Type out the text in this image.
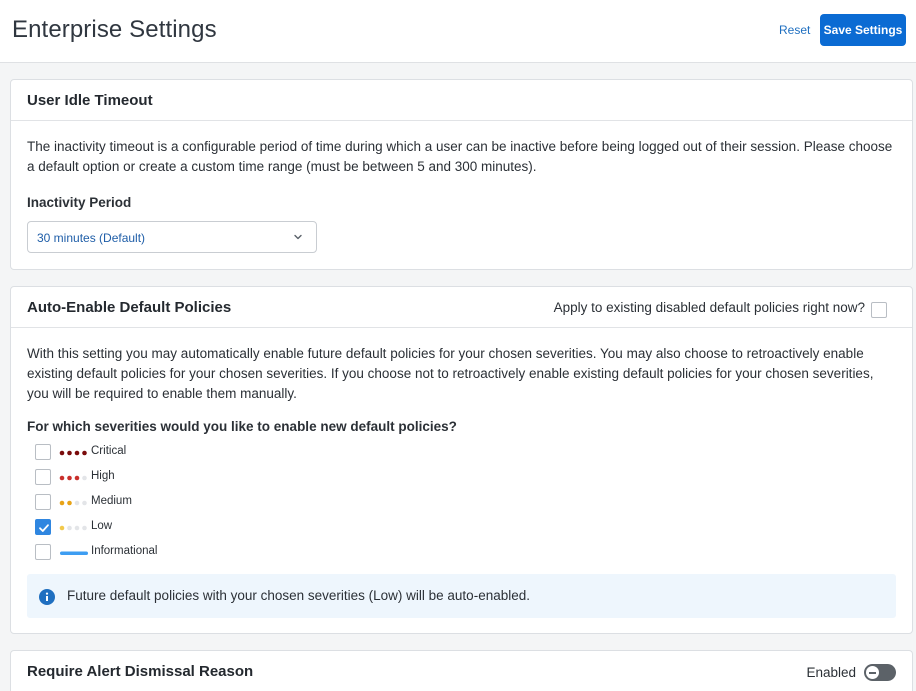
Enterprise Settings	Reset	Save Settings
User Idle Timeout
The inactivity timeout is a configurable period of time during which a user can be inactive before being logged out of their session. Please choose a default option or create a custom time range (must be between 5 and 300 minutes).
Inactivity Period
30 minutes (Default)
Auto-Enable Default Policies	Apply to existing disabled default policies right now?
With this setting you may automatically enable future default policies for your chosen severities. You may also choose to retroactively enable existing default policies for your chosen severities. If you choose not to retroactively enable existing default policies for your chosen severities, you will be required to enable them manually.
For which severities would you like to enable new default policies?
Critical
High
Medium
Low
Informational
Future default policies with your chosen severities (Low) will be auto-enabled.
Require Alert Dismissal Reason	Enabled
